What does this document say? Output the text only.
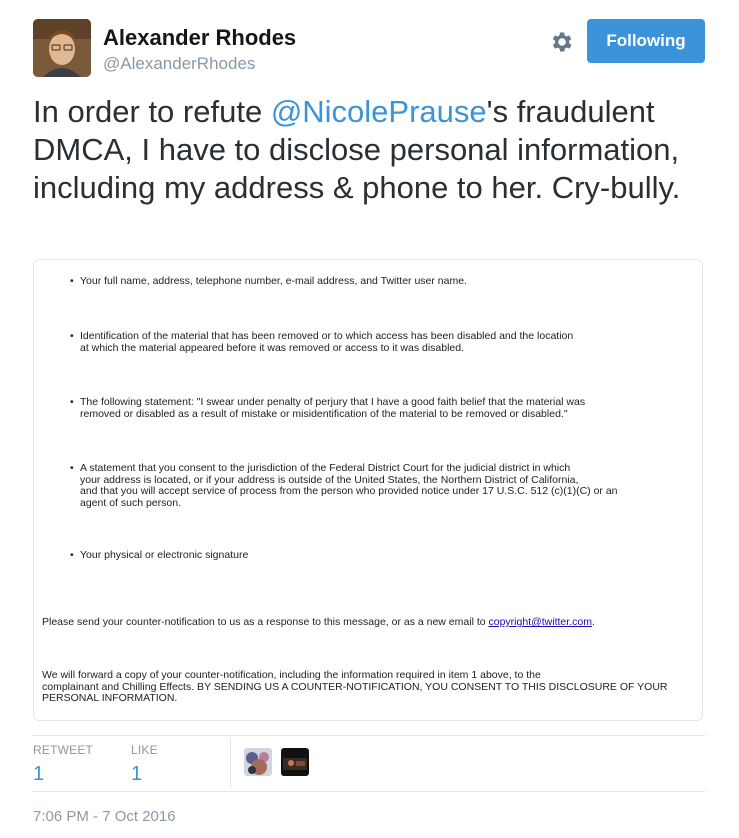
Alexander Rhodes
@AlexanderRhodes
Following

In order to refute @NicolePrause's fraudulent DMCA, I have to disclose personal information, including my address & phone to her. Cry-bully.

• Your full name, address, telephone number, e-mail address, and Twitter user name.
• Identification of the material that has been removed or to which access has been disabled and the location
at which the material appeared before it was removed or access to it was disabled.
• The following statement: "I swear under penalty of perjury that I have a good faith belief that the material was
removed or disabled as a result of mistake or misidentification of the material to be removed or disabled."
• A statement that you consent to the jurisdiction of the Federal District Court for the judicial district in which
your address is located, or if your address is outside of the United States, the Northern District of California,
and that you will accept service of process from the person who provided notice under 17 U.S.C. 512 (c)(1)(C) or an
agent of such person.
• Your physical or electronic signature
Please send your counter-notification to us as a response to this message, or as a new email to copyright@twitter.com.
We will forward a copy of your counter-notification, including the information required in item 1 above, to the
complainant and Chilling Effects. BY SENDING US A COUNTER-NOTIFICATION, YOU CONSENT TO THIS DISCLOSURE OF YOUR
PERSONAL INFORMATION.
RETWEET
1
LIKE
1
7:06 PM - 7 Oct 2016
